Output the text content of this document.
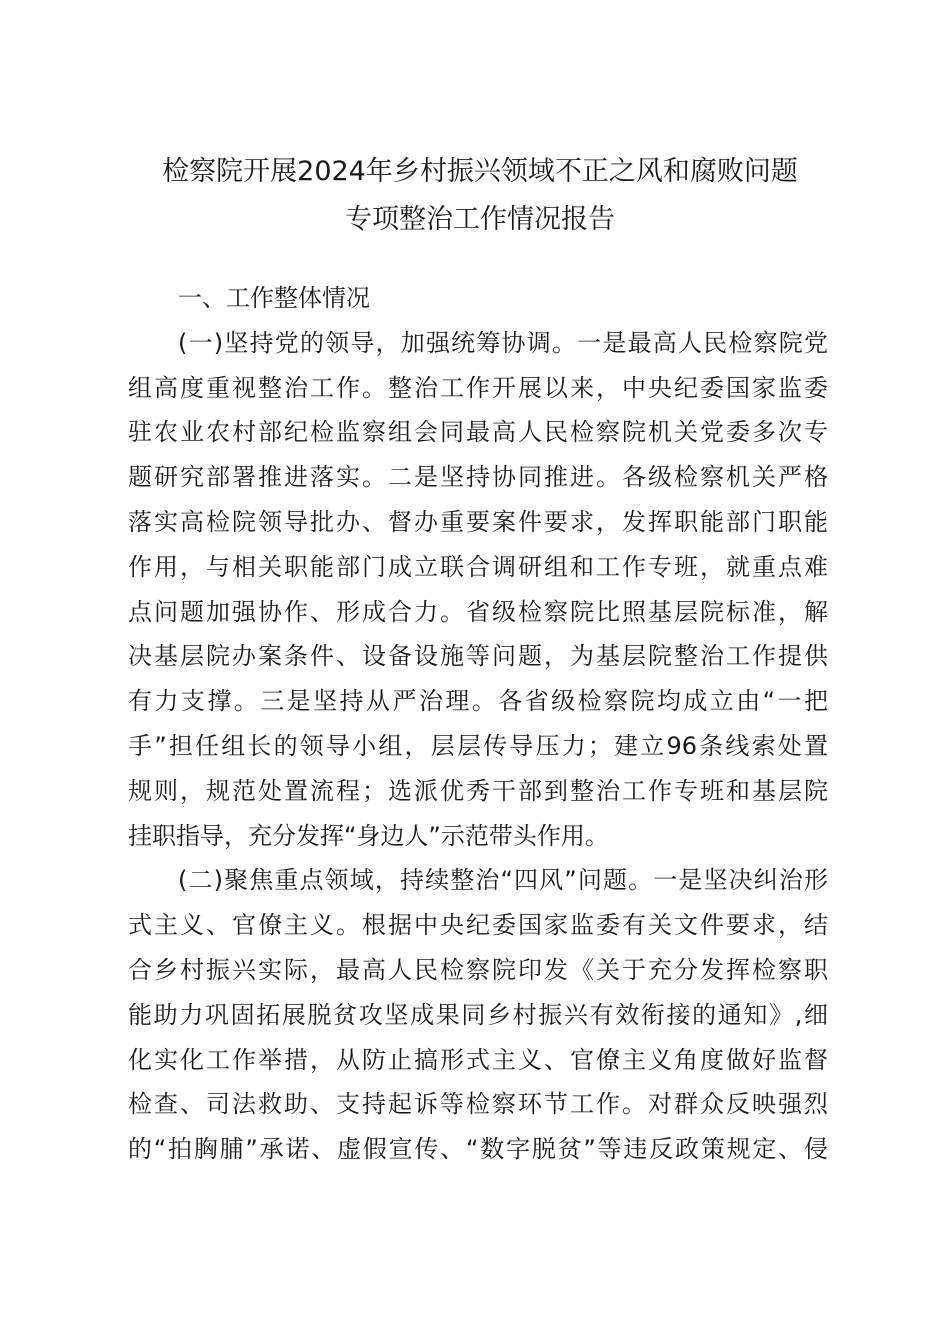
检察院开展2024年乡村振兴领域不正之风和腐败问题
专项整治工作情况报告
一、工作整体情况
(一)坚持党的领导，加强统筹协调。一是最高人民检察院党
组高度重视整治工作。整治工作开展以来，中央纪委国家监委
驻农业农村部纪检监察组会同最高人民检察院机关党委多次专
题研究部署推进落实。二是坚持协同推进。各级检察机关严格
落实高检院领导批办、督办重要案件要求，发挥职能部门职能
作用，与相关职能部门成立联合调研组和工作专班，就重点难
点问题加强协作、形成合力。省级检察院比照基层院标准，解
决基层院办案条件、设备设施等问题，为基层院整治工作提供
有力支撑。三是坚持从严治理。各省级检察院均成立由“一把
手”担任组长的领导小组，层层传导压力；建立96条线索处置
规则，规范处置流程；选派优秀干部到整治工作专班和基层院
挂职指导，充分发挥“身边人”示范带头作用。
(二)聚焦重点领域，持续整治“四风”问题。一是坚决纠治形
式主义、官僚主义。根据中央纪委国家监委有关文件要求，结
合乡村振兴实际，最高人民检察院印发《关于充分发挥检察职
能助力巩固拓展脱贫攻坚成果同乡村振兴有效衔接的通知》,细
化实化工作举措，从防止搞形式主义、官僚主义角度做好监督
检查、司法救助、支持起诉等检察环节工作。对群众反映强烈
的“拍胸脯”承诺、虚假宣传、“数字脱贫”等违反政策规定、侵
